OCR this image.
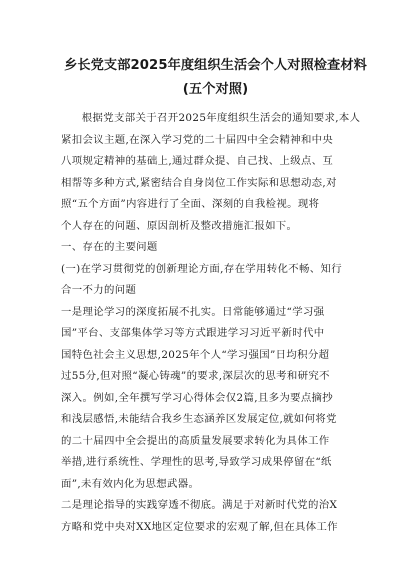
乡长党支部2025年度组织生活会个人对照检查材料
(五个对照)
根据党支部关于召开2025年度组织生活会的通知要求,本人
紧扣会议主题,在深入学习党的二十届四中全会精神和中央
八项规定精神的基础上,通过群众提、自己找、上级点、互
相帮等多种方式,紧密结合自身岗位工作实际和思想动态,对
照“五个方面”内容进行了全面、深刻的自我检视。现将
个人存在的问题、原因剖析及整改措施汇报如下。
一、存在的主要问题
(一)在学习贯彻党的创新理论方面,存在学用转化不畅、知行
合一不力的问题
一是理论学习的深度拓展不扎实。日常能够通过“学习强
国”平台、支部集体学习等方式跟进学习习近平新时代中
国特色社会主义思想,2025年个人“学习强国”日均积分超
过55分,但对照“凝心铸魂”的要求,深层次的思考和研究不
深入。例如,全年撰写学习心得体会仅2篇,且多为要点摘抄
和浅层感悟,未能结合我乡生态涵养区发展定位,就如何将党
的二十届四中全会提出的高质量发展要求转化为具体工作
举措,进行系统性、学理性的思考,导致学习成果停留在“纸
面”,未有效内化为思想武器。
二是理论指导的实践穿透不彻底。满足于对新时代党的治X
方略和党中央对XX地区定位要求的宏观了解,但在具体工作
